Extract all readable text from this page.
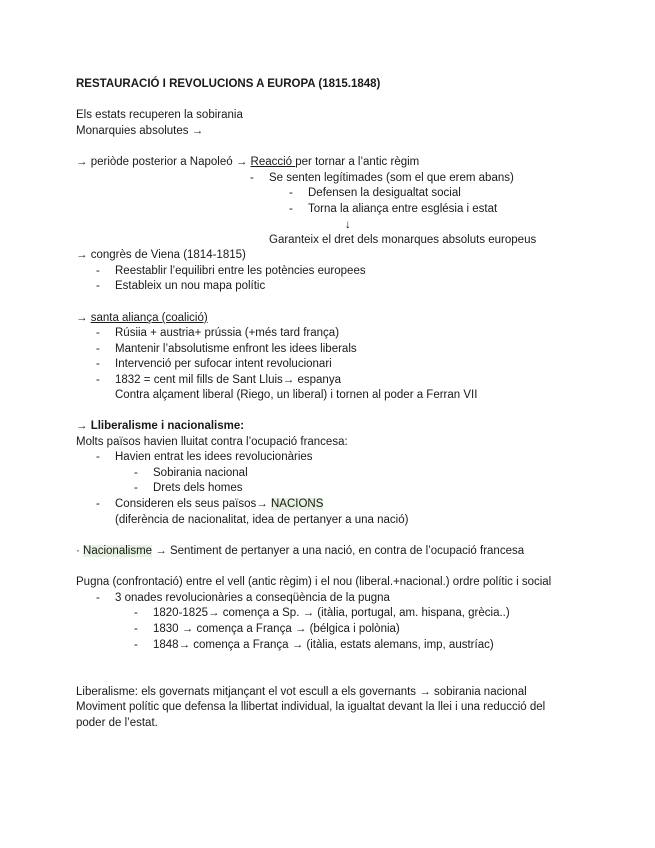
RESTAURACIÓ I REVOLUCIONS A EUROPA (1815.1848)
Els estats recuperen la sobirania
Monarquies absolutes →
→ periòde posterior a Napoleó → Reacció per tornar a l’antic règim
- Se senten legítimades (som el que erem abans)
- Defensen la desigualtat social
- Torna la aliança entre església i estat
↓
Garanteix el dret dels monarques absoluts europeus
→ congrès de Viena (1814-1815)
- Reestablir l’equilibri entre les potències europees
- Estableix un nou mapa polític
→ santa aliança (coalició)
- Rúsiia + austria+ prússia (+més tard frança)
- Mantenir l’absolutisme enfront les idees liberals
- Intervenció per sufocar intent revolucionari
- 1832 = cent mil fills de Sant Lluis→ espanya
Contra alçament liberal (Riego, un liberal) i tornen al poder a Ferran VII
→ Lliberalisme i nacionalisme:
Molts països havien lluitat contra l’ocupació francesa:
- Havien entrat les idees revolucionàries
- Sobirania nacional
- Drets dels homes
- Consideren els seus països→ NACIONS
(diferència de nacionalitat, idea de pertanyer a una nació)
· Nacionalisme → Sentiment de pertanyer a una nació, en contra de l’ocupació francesa
Pugna (confrontació) entre el vell (antic règim) i el nou (liberal.+nacional.) ordre polític i social
- 3 onades revolucionàries a conseqüència de la pugna
- 1820-1825→ comença a Sp. → (itàlia, portugal, am. hispana, grècia..)
- 1830 → comença a França → (bélgica i polònia)
- 1848→ comença a França → (itàlia, estats alemans, imp, austríac)
Liberalisme: els governats mitjançant el vot escull a els governants → sobirania nacional
Moviment polític que defensa la llibertat individual, la igualtat devant la llei i una reducció del
poder de l’estat.
